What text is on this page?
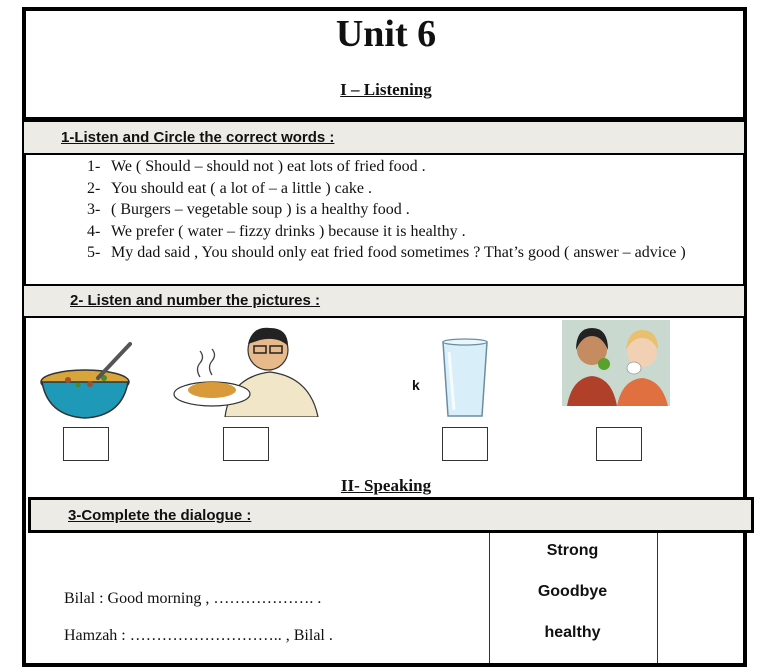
Unit 6
I – Listening
1-Listen and Circle the correct words :
1- We ( Should – should not ) eat lots of fried food .
2- You should eat ( a lot of – a little ) cake .
3- ( Burgers – vegetable soup ) is a healthy food .
4- We prefer ( water – fizzy drinks ) because it is healthy .
5- My dad said , You should only eat fried food sometimes ? That’s good ( answer – advice )
2- Listen and number the pictures :
k
II- Speaking
3-Complete the dialogue :
Strong
Goodbye
healthy
Bilal : Good morning , ………………. .
Hamzah : ……………………….. , Bilal .
